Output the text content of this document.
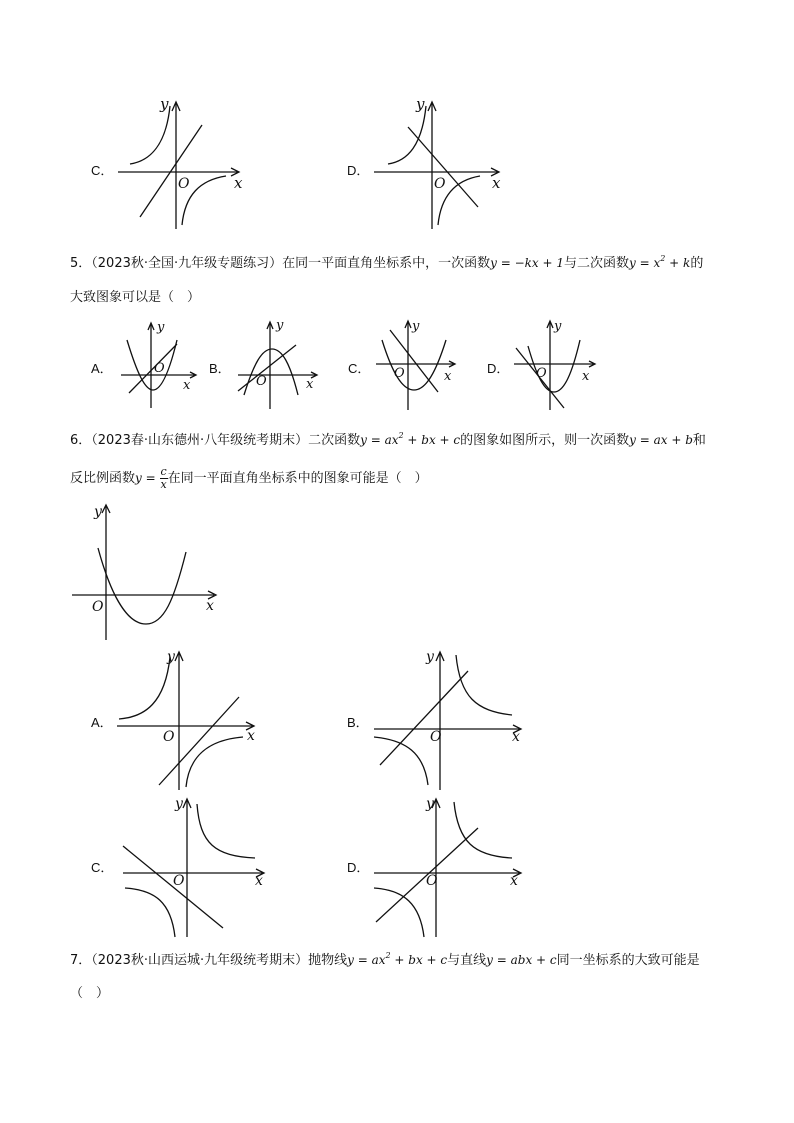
C．
y
x
O
D．
y
x
O
5．（2023秋·全国·九年级专题练习）在同一平面直角坐标系中，一次函数y = −kx + 1与二次函数$y = x^2 + k$的
大致图象可以是（　）
A．
y
x
O	B．
y
x
O
C．
y
x
O	D．
y
x
O
6．（2023春·山东德州·八年级统考期末）二次函数$y = ax^2$ + bx + c的图象如图所示，则一次函数y = ax + b和
反比例函数$y = \frac{c}{x}$ 在同一平面直角坐标系中的图象可能是（　）
y
x
O
A．
y
x
O
B．
y
x
O
C．
y
x
O
D．
y
x
O
7．（2023秋·山西运城·九年级统考期末）抛物线$y = ax^2$ + bx + c与直线y = abx + c同一坐标系的大致可能是
（　）
